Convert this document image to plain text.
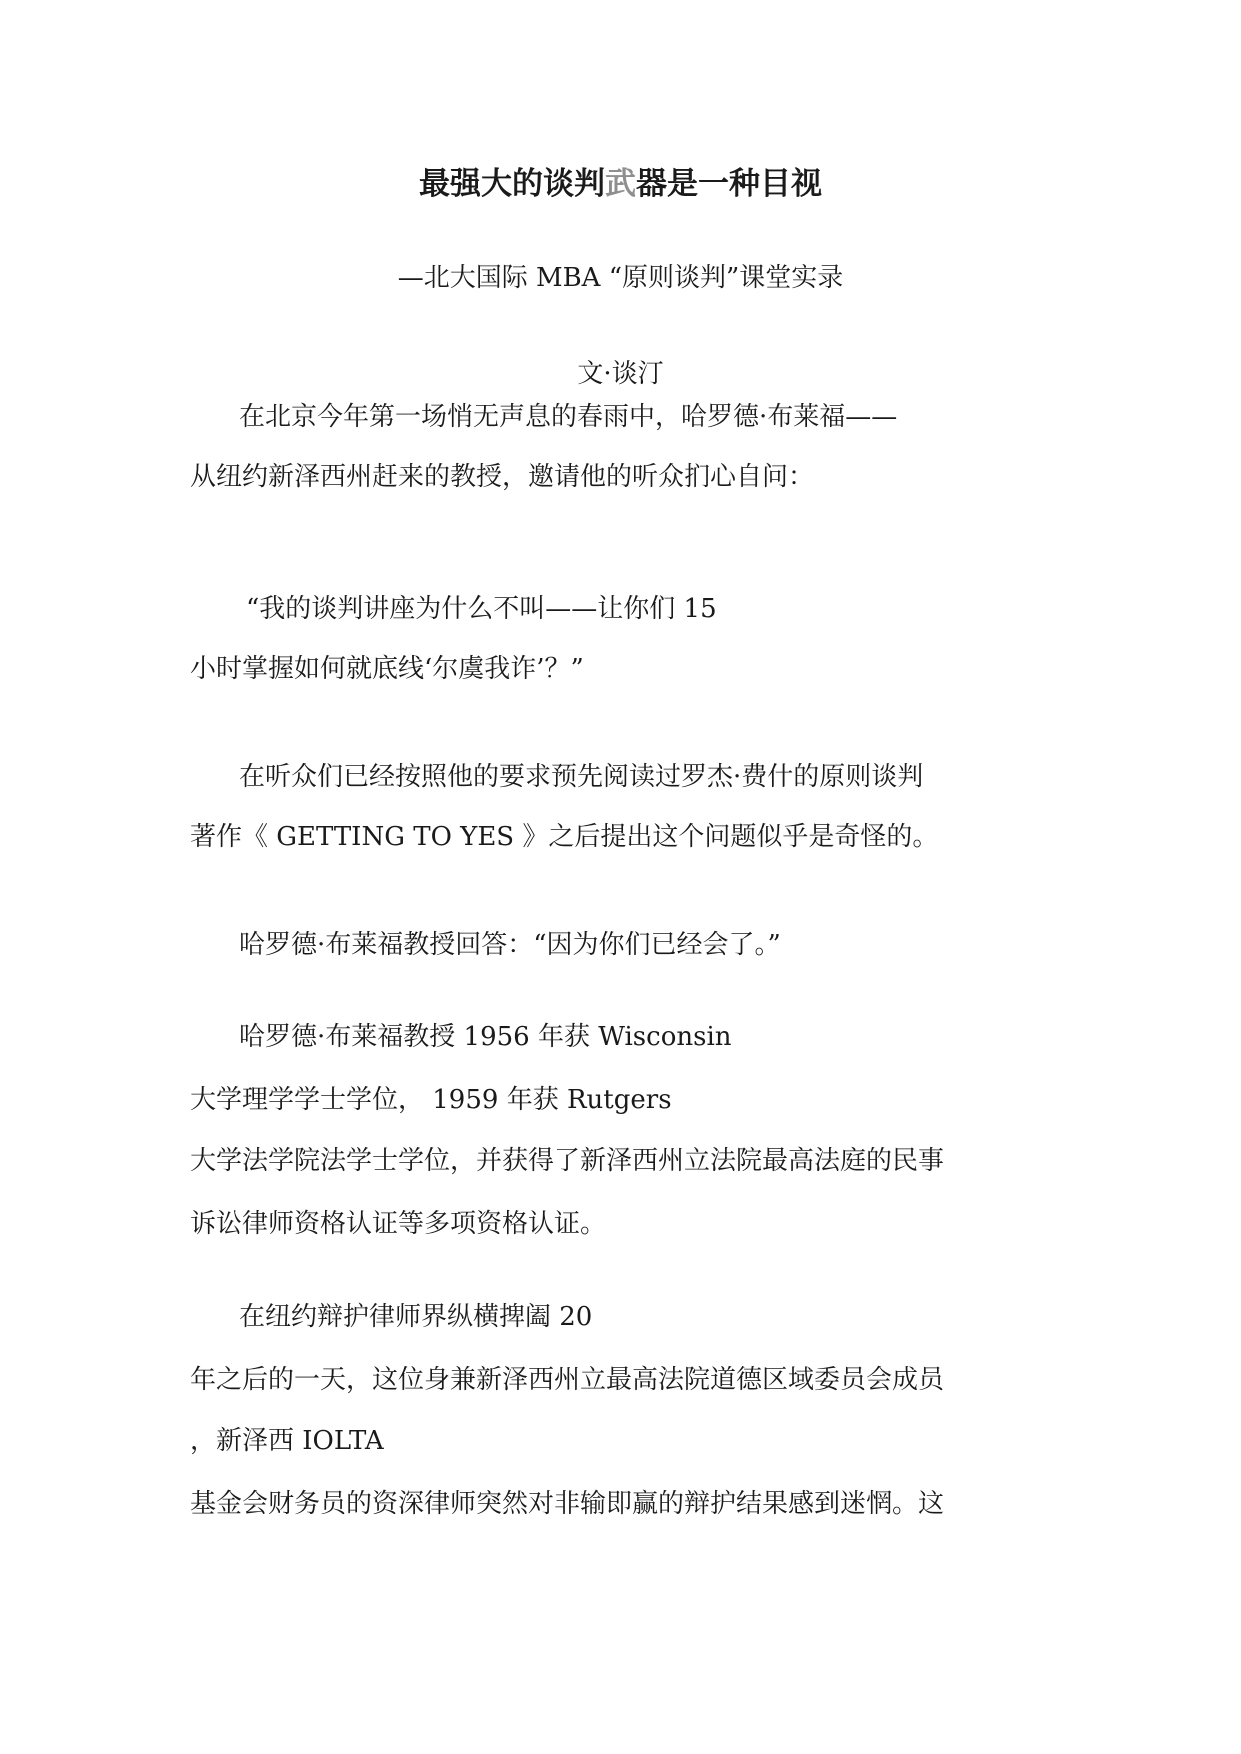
最强大的谈判武器是一种目视

—北大国际 MBA “原则谈判”课堂实录

文·谈汀

在北京今年第一场悄无声息的春雨中，哈罗德·布莱福——

从纽约新泽西州赶来的教授，邀请他的听众扪心自问：

“我的谈判讲座为什么不叫——让你们 15

小时掌握如何就底线‘尔虞我诈’？”

在听众们已经按照他的要求预先阅读过罗杰·费什的原则谈判

著作《 GETTING TO YES 》之后提出这个问题似乎是奇怪的。

哈罗德·布莱福教授回答：“因为你们已经会了。”

哈罗德·布莱福教授 1956 年获 Wisconsin

大学理学学士学位， 1959 年获 Rutgers

大学法学院法学士学位，并获得了新泽西州立法院最高法庭的民事

诉讼律师资格认证等多项资格认证。

在纽约辩护律师界纵横捭阖 20

年之后的一天，这位身兼新泽西州立最高法院道德区域委员会成员

，新泽西 IOLTA

基金会财务员的资深律师突然对非输即赢的辩护结果感到迷惘。这
